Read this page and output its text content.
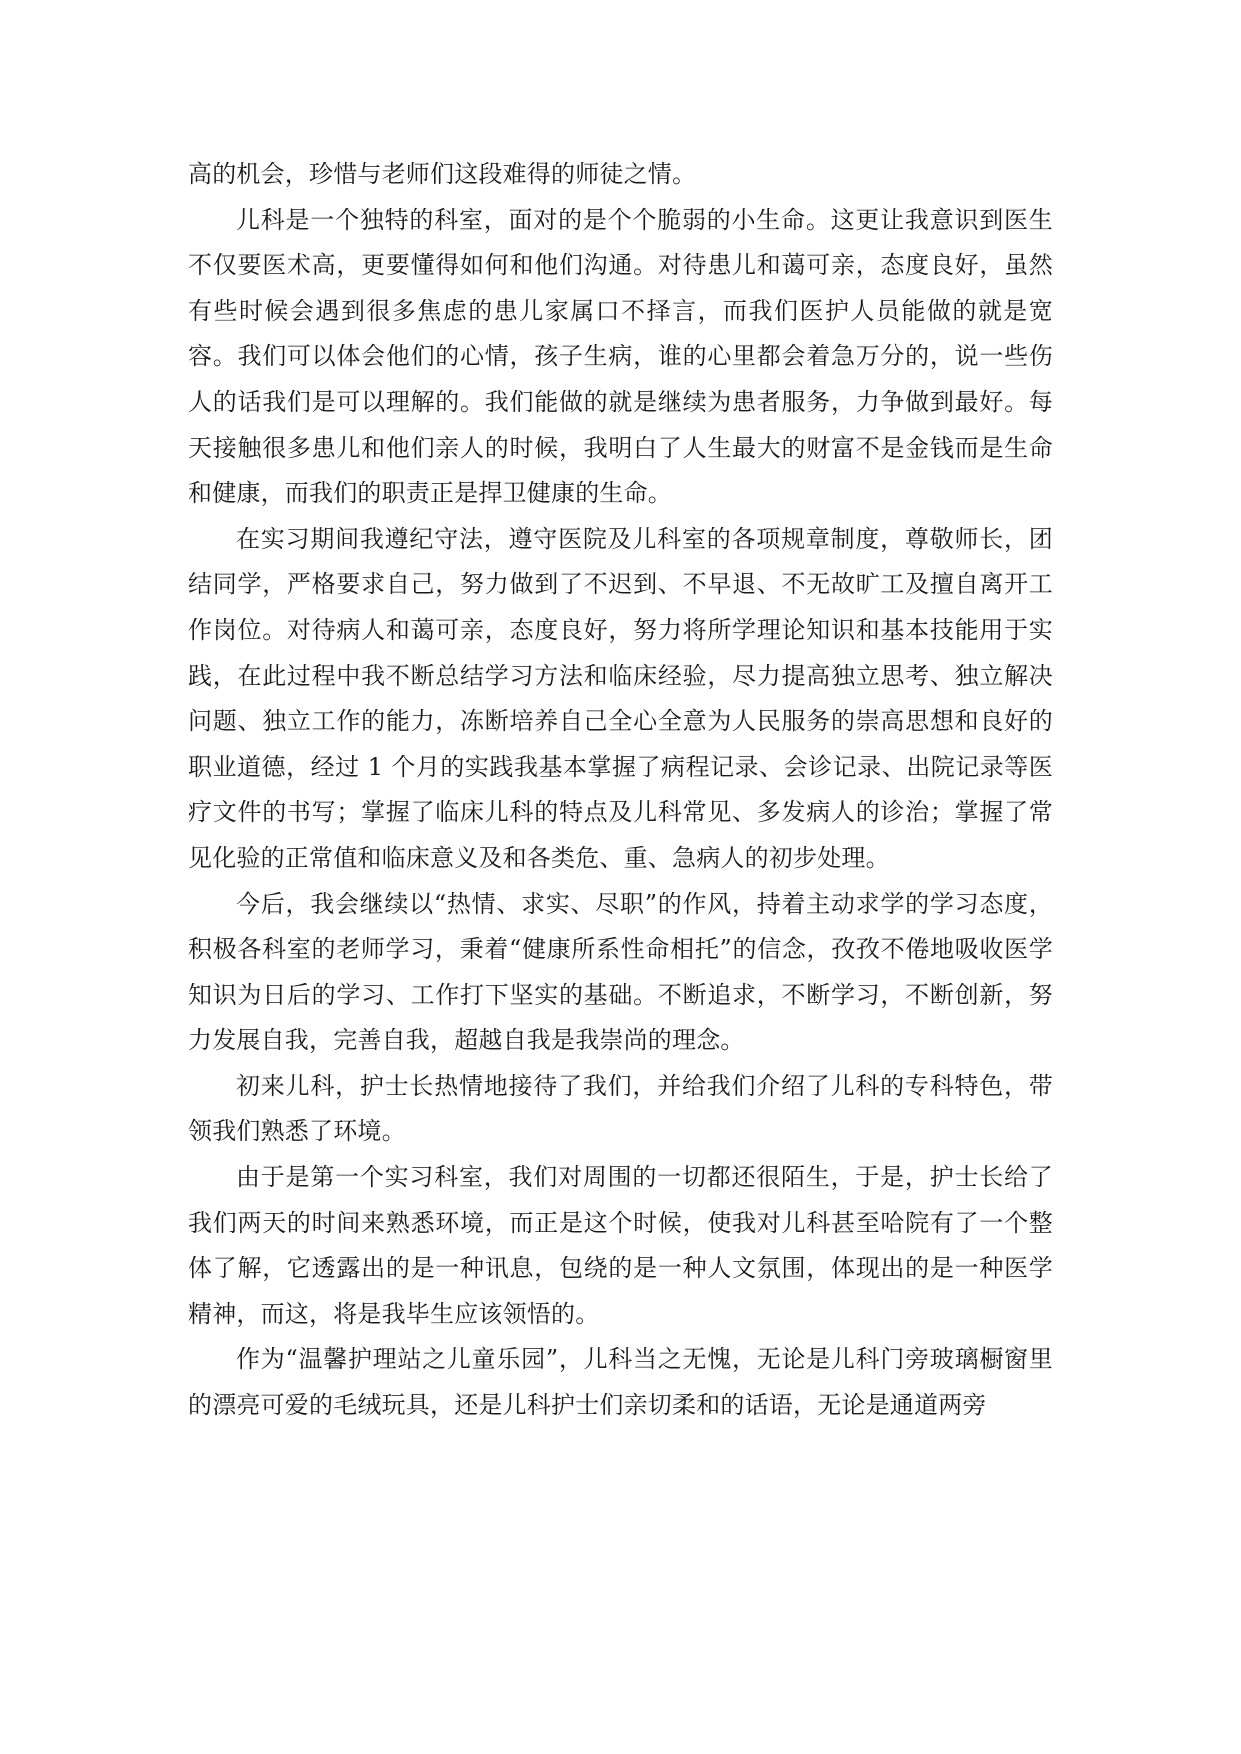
高的机会，珍惜与老师们这段难得的师徒之情。

儿科是一个独特的科室，面对的是个个脆弱的小生命。这更让我意识到医生不仅要医术高，更要懂得如何和他们沟通。对待患儿和蔼可亲，态度良好，虽然有些时候会遇到很多焦虑的患儿家属口不择言，而我们医护人员能做的就是宽容。我们可以体会他们的心情，孩子生病，谁的心里都会着急万分的，说一些伤人的话我们是可以理解的。我们能做的就是继续为患者服务，力争做到最好。每天接触很多患儿和他们亲人的时候，我明白了人生最大的财富不是金钱而是生命和健康，而我们的职责正是捍卫健康的生命。

在实习期间我遵纪守法，遵守医院及儿科室的各项规章制度，尊敬师长，团结同学，严格要求自己，努力做到了不迟到、不早退、不无故旷工及擅自离开工作岗位。对待病人和蔼可亲，态度良好，努力将所学理论知识和基本技能用于实践，在此过程中我不断总结学习方法和临床经验，尽力提高独立思考、独立解决问题、独立工作的能力，冻断培养自己全心全意为人民服务的崇高思想和良好的职业道德，经过 1 个月的实践我基本掌握了病程记录、会诊记录、出院记录等医疗文件的书写；掌握了临床儿科的特点及儿科常见、多发病人的诊治；掌握了常见化验的正常值和临床意义及和各类危、重、急病人的初步处理。

今后，我会继续以“热情、求实、尽职”的作风，持着主动求学的学习态度，积极各科室的老师学习，秉着“健康所系性命相托”的信念，孜孜不倦地吸收医学知识为日后的学习、工作打下坚实的基础。不断追求，不断学习，不断创新，努力发展自我，完善自我，超越自我是我崇尚的理念。

初来儿科，护士长热情地接待了我们，并给我们介绍了儿科的专科特色，带领我们熟悉了环境。

由于是第一个实习科室，我们对周围的一切都还很陌生，于是，护士长给了我们两天的时间来熟悉环境，而正是这个时候，使我对儿科甚至哈院有了一个整体了解，它透露出的是一种讯息，包绕的是一种人文氛围，体现出的是一种医学精神，而这，将是我毕生应该领悟的。

作为“温馨护理站之儿童乐园”，儿科当之无愧，无论是儿科门旁玻璃橱窗里的漂亮可爱的毛绒玩具，还是儿科护士们亲切柔和的话语，无论是通道两旁
